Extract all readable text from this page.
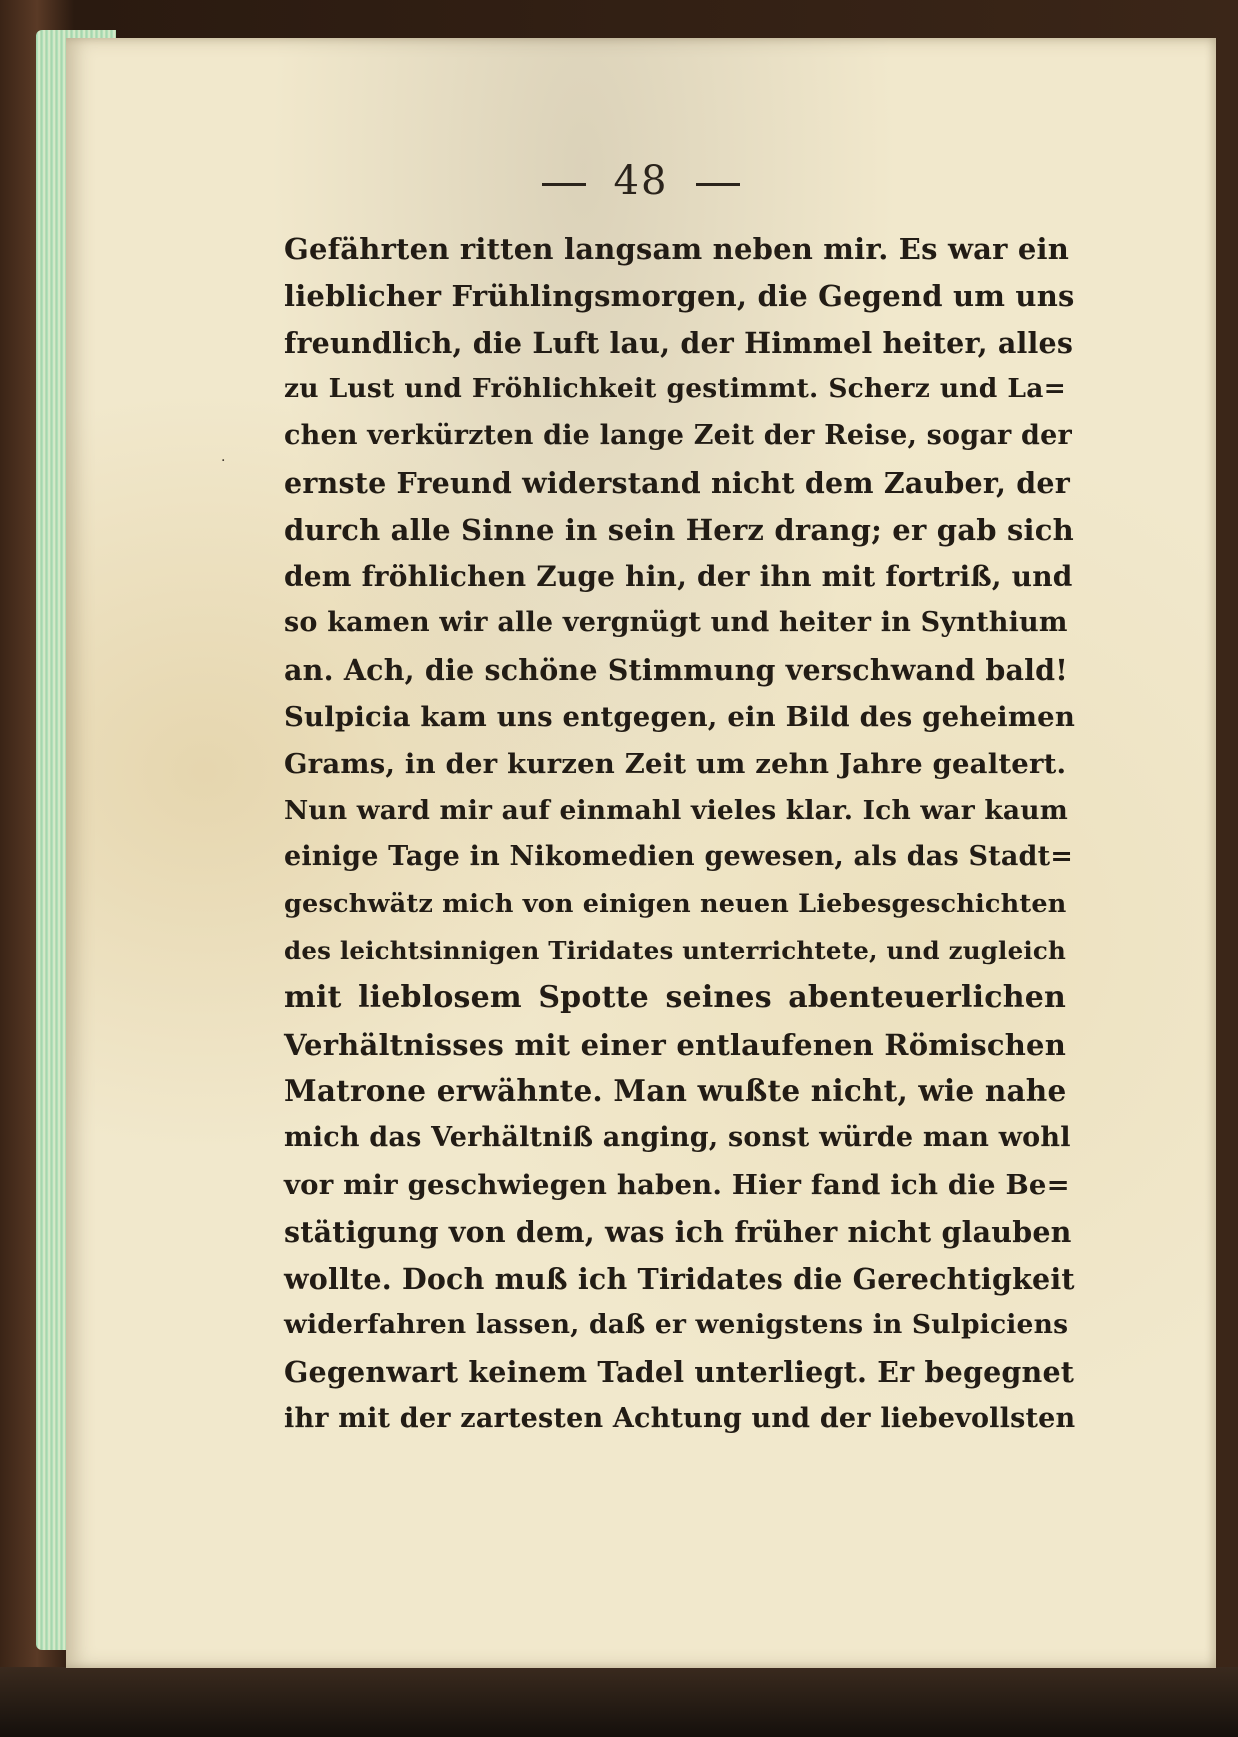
48
·
Gefährten ritten langsam neben mir. Es war ein
lieblicher Frühlingsmorgen, die Gegend um uns
freundlich, die Luft lau, der Himmel heiter, alles
zu Lust und Fröhlichkeit gestimmt. Scherz und La=
chen verkürzten die lange Zeit der Reise, sogar der
ernste Freund widerstand nicht dem Zauber, der
durch alle Sinne in sein Herz drang; er gab sich
dem fröhlichen Zuge hin, der ihn mit fortriß, und
so kamen wir alle vergnügt und heiter in Synthium
an. Ach, die schöne Stimmung verschwand bald!
Sulpicia kam uns entgegen, ein Bild des geheimen
Grams, in der kurzen Zeit um zehn Jahre gealtert.
Nun ward mir auf einmahl vieles klar. Ich war kaum
einige Tage in Nikomedien gewesen, als das Stadt=
geschwätz mich von einigen neuen Liebesgeschichten
des leichtsinnigen Tiridates unterrichtete, und zugleich
mit lieblosem Spotte seines abenteuerlichen
Verhältnisses mit einer entlaufenen Römischen
Matrone erwähnte. Man wußte nicht, wie nahe
mich das Verhältniß anging, sonst würde man wohl
vor mir geschwiegen haben. Hier fand ich die Be=
stätigung von dem, was ich früher nicht glauben
wollte. Doch muß ich Tiridates die Gerechtigkeit
widerfahren lassen, daß er wenigstens in Sulpiciens
Gegenwart keinem Tadel unterliegt. Er begegnet
ihr mit der zartesten Achtung und der liebevollsten
